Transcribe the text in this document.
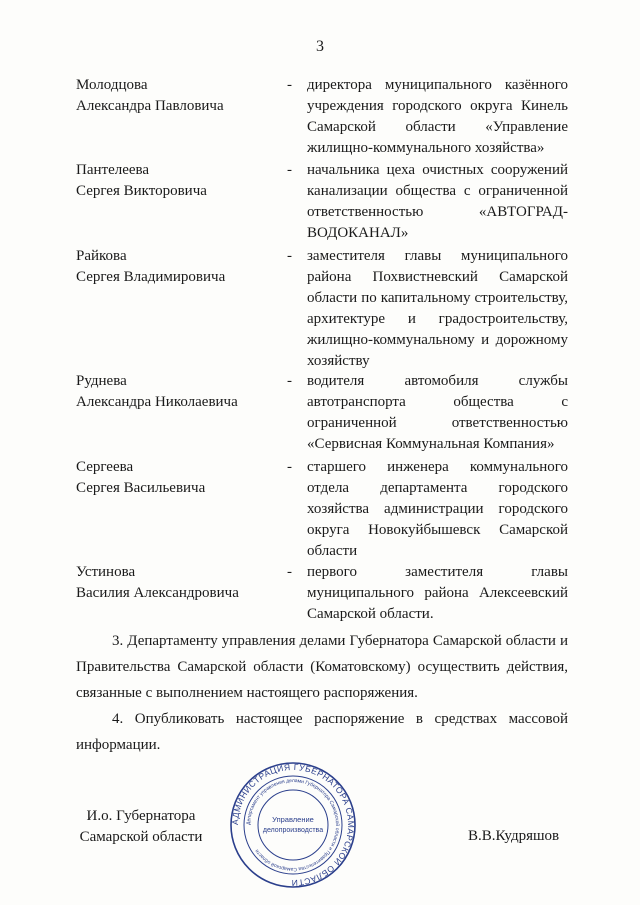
3
Молодцова
Александра Павловича
- директора муниципального казённого учреждения городского округа Кинель Самарской области «Управление жилищно-коммунального хозяйства»
Пантелеева
Сергея Викторовича
- начальника цеха очистных сооружений канализации общества с ограниченной ответственностью «АВТОГРАД-ВОДОКАНАЛ»
Райкова
Сергея Владимировича
- заместителя главы муниципального района Похвистневский Самарской области по капитальному строительству, архитектуре и градостроительству, жилищно-коммунальному и дорожному хозяйству
Руднева
Александра Николаевича
- водителя автомобиля службы автотранспорта общества с ограниченной ответственностью «Сервисная Коммунальная Компания»
Сергеева
Сергея Васильевича
- старшего инженера коммунального отдела департамента городского хозяйства администрации городского округа Новокуйбышевск Самарской области
Устинова
Василия Александровича
- первого заместителя главы муниципального района Алексеевский Самарской области.
3. Департаменту управления делами Губернатора Самарской области и Правительства Самарской области (Коматовскому) осуществить действия, связанные с выполнением настоящего распоряжения.
4. Опубликовать настоящее распоряжение в средствах массовой информации.
И.о. Губернатора
Самарской области
АДМИНИСТРАЦИЯ ГУБЕРНАТОРА САМАРСКОЙ ОБЛАСТИ
Департамент управления делами Губернатора Самарской области и Правительства Самарской области
Управление
делопроизводства	В.В.Кудряшов
